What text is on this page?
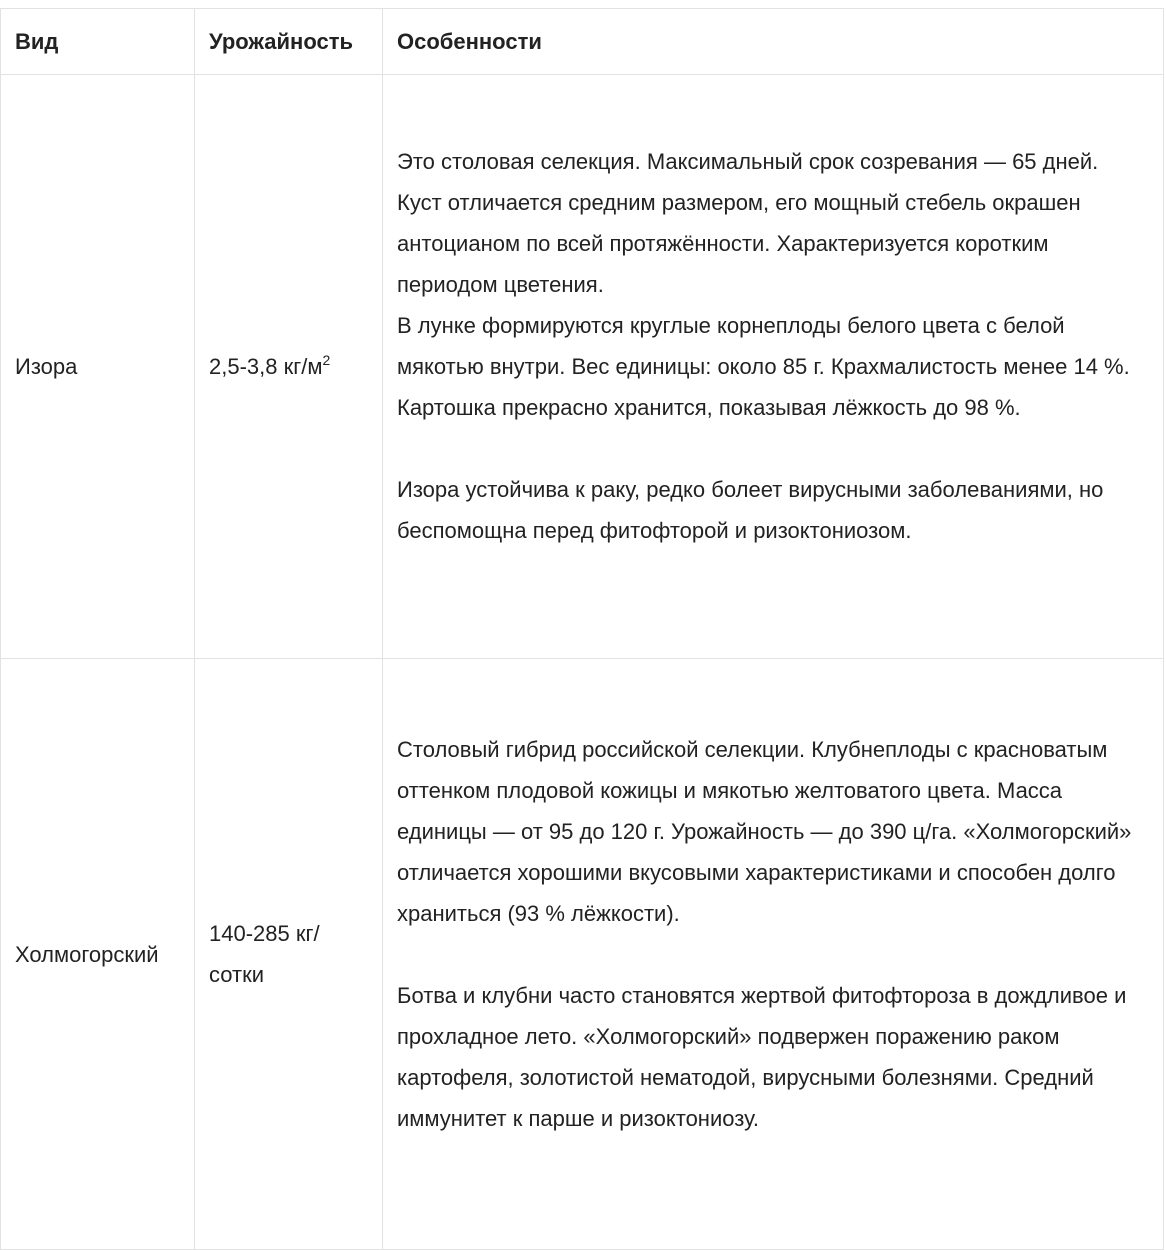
Вид	Урожайность	Особенности
Изора	2,5-3,8 $кг/м^2$	Это столовая селекция. Максимальный срок созревания — 65 дней. Куст отличается средним размером, его мощный стебель окрашен антоцианом по всей протяжённости. Характеризуется коротким периодом цветения.

В лунке формируются круглые корнеплоды белого цвета с белой мякотью внутри. Вес единицы: около 85 г. Крахмалистость менее 14 %. Картошка прекрасно хранится, показывая лёжкость до 98 %.

Изора устойчива к раку, редко болеет вирусными заболеваниями, но беспомощна перед фитофторой и ризоктониозом.

Холмогорский	140-285 кг/сотки	Столовый гибрид российской селекции. Клубнеплоды с красноватым оттенком плодовой кожицы и мякотью желтоватого цвета. Масса единицы — от 95 до 120 г. Урожайность — до 390 ц/га. «Холмогорский» отличается хорошими вкусовыми характеристиками и способен долго храниться (93 % лёжкости).

Ботва и клубни часто становятся жертвой фитофтороза в дождливое и прохладное лето. «Холмогорский» подвержен поражению раком картофеля, золотистой нематодой, вирусными болезнями. Средний иммунитет к парше и ризоктониозу.
